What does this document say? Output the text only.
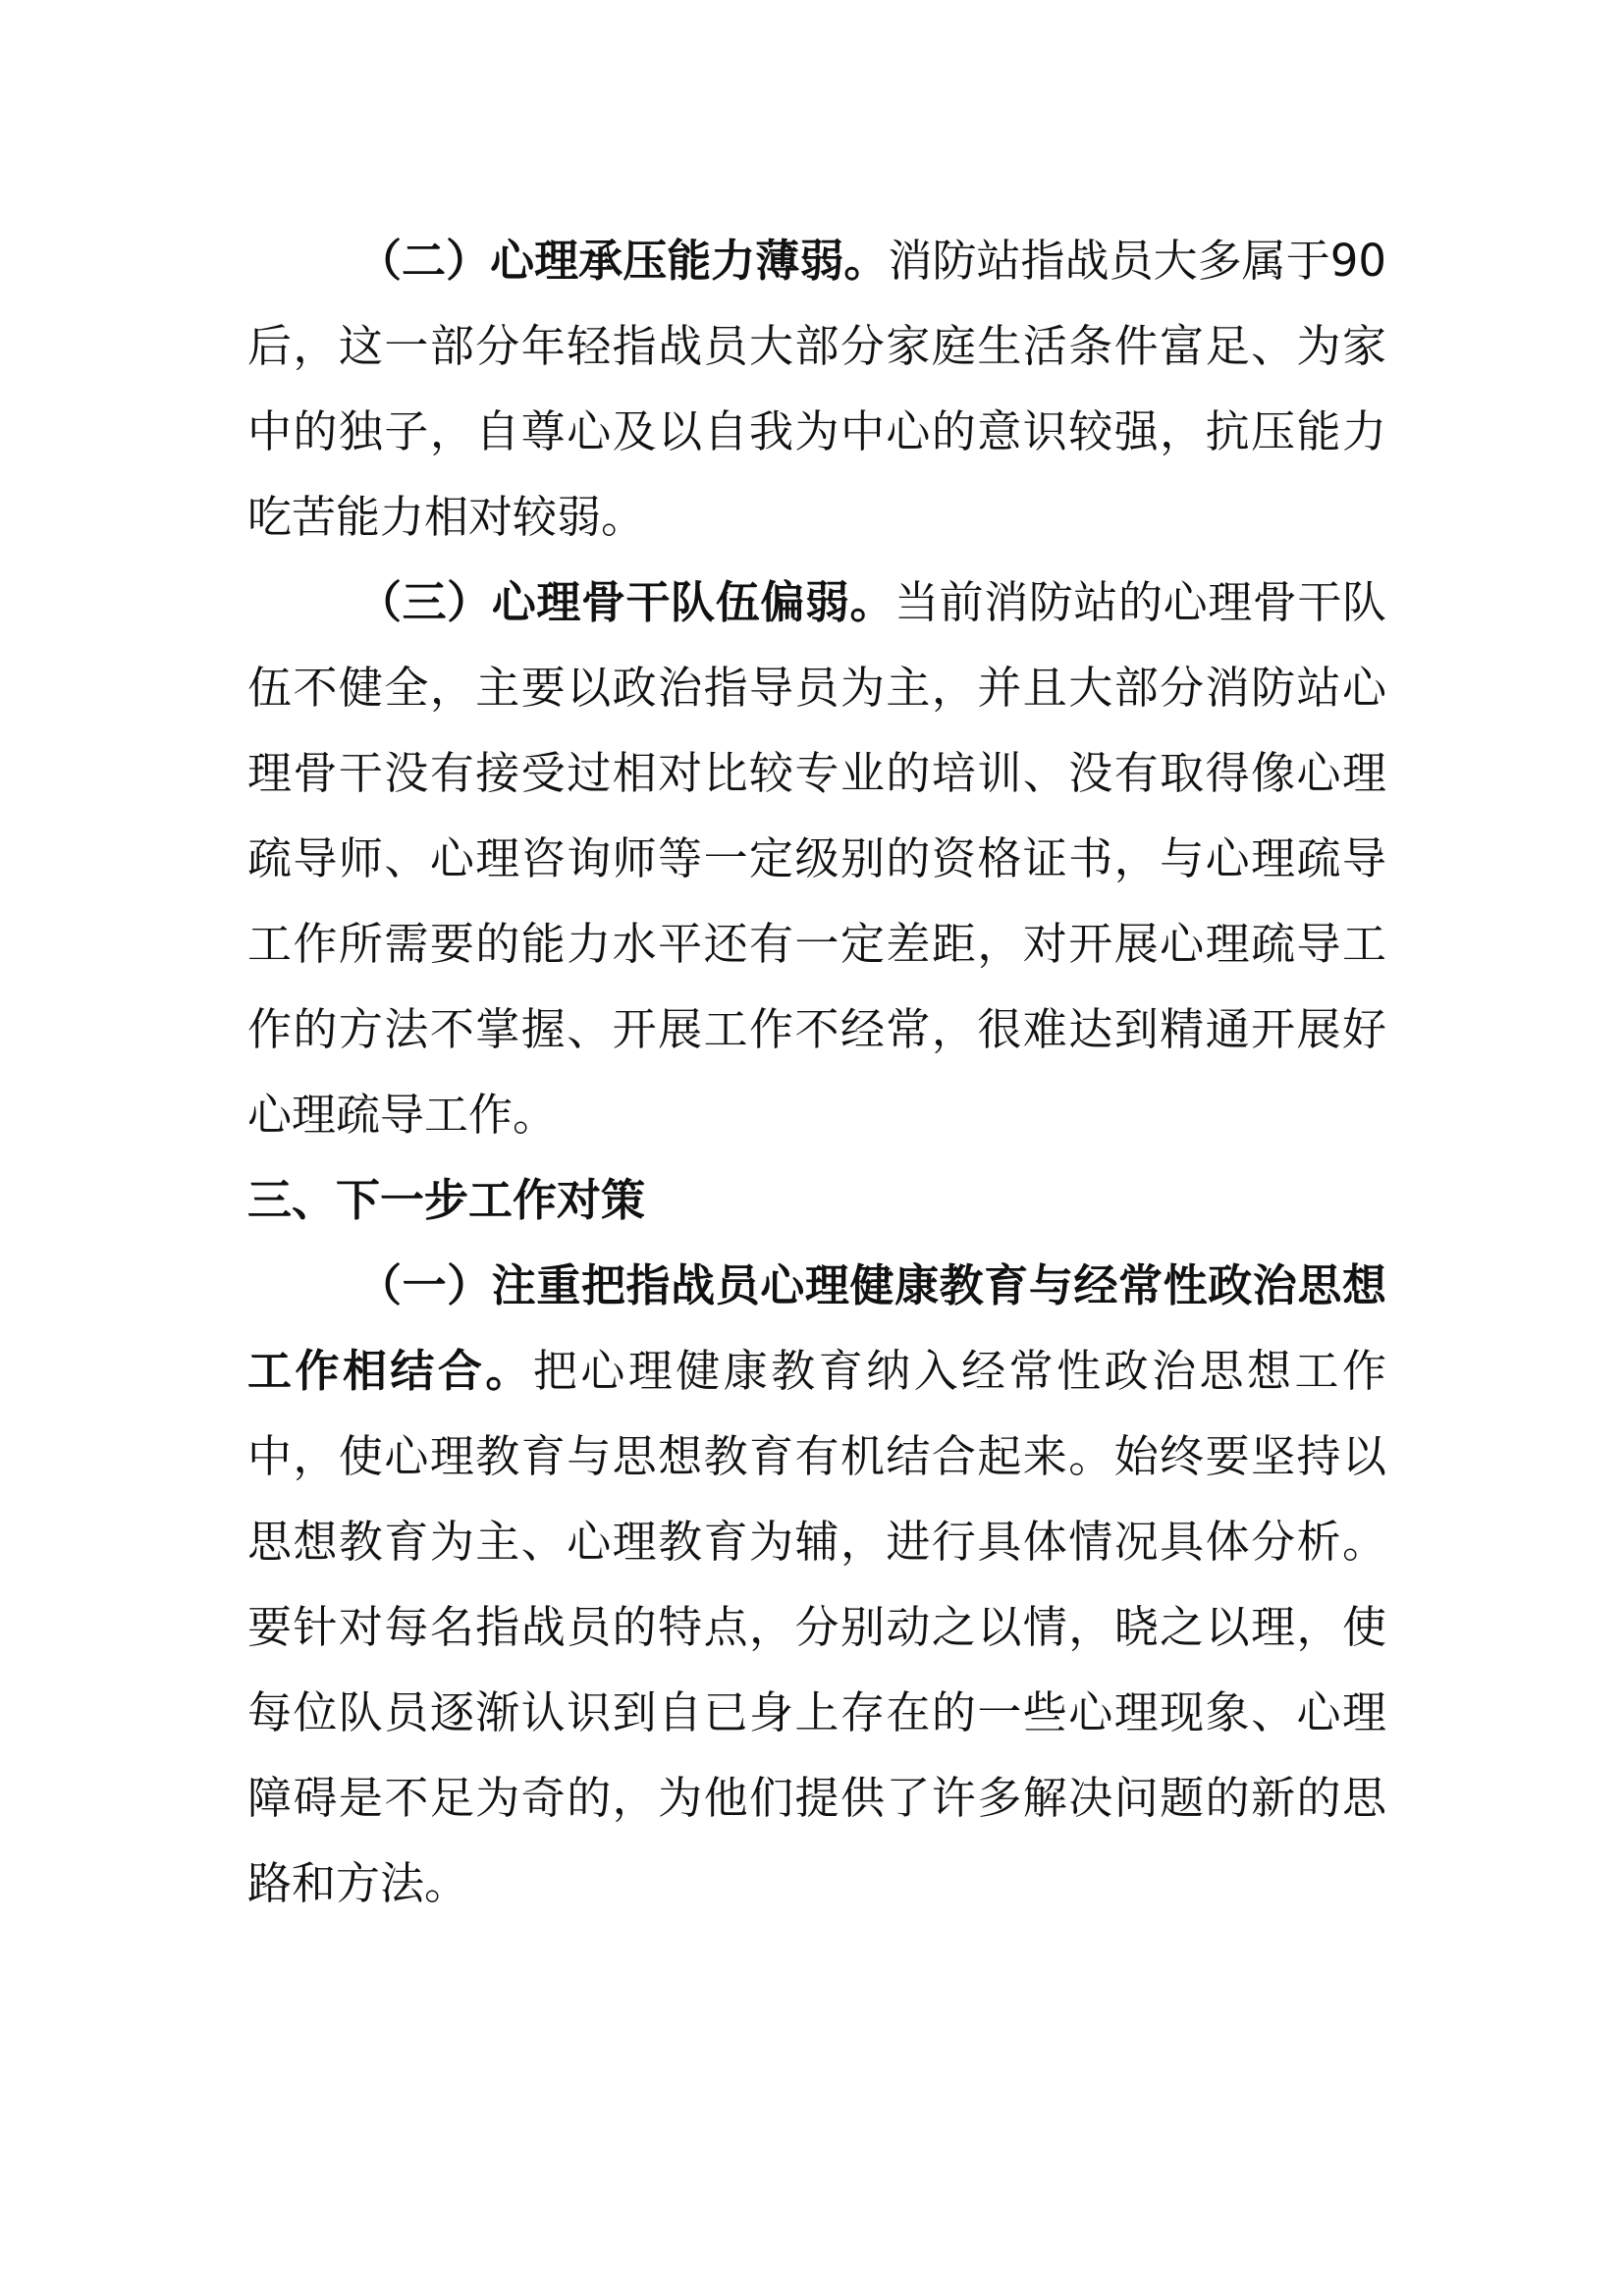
（二）心理承压能力薄弱。消防站指战员大多属于90后，这一部分年轻指战员大部分家庭生活条件富足、为家中的独子，自尊心及以自我为中心的意识较强，抗压能力吃苦能力相对较弱。

（三）心理骨干队伍偏弱。当前消防站的心理骨干队伍不健全，主要以政治指导员为主，并且大部分消防站心理骨干没有接受过相对比较专业的培训、没有取得像心理疏导师、心理咨询师等一定级别的资格证书，与心理疏导工作所需要的能力水平还有一定差距，对开展心理疏导工作的方法不掌握、开展工作不经常，很难达到精通开展好心理疏导工作。

三、下一步工作对策

（一）注重把指战员心理健康教育与经常性政治思想工作相结合。把心理健康教育纳入经常性政治思想工作中，使心理教育与思想教育有机结合起来。始终要坚持以思想教育为主、心理教育为辅，进行具体情况具体分析。要针对每名指战员的特点，分别动之以情，晓之以理，使每位队员逐渐认识到自已身上存在的一些心理现象、心理障碍是不足为奇的，为他们提供了许多解决问题的新的思路和方法。
